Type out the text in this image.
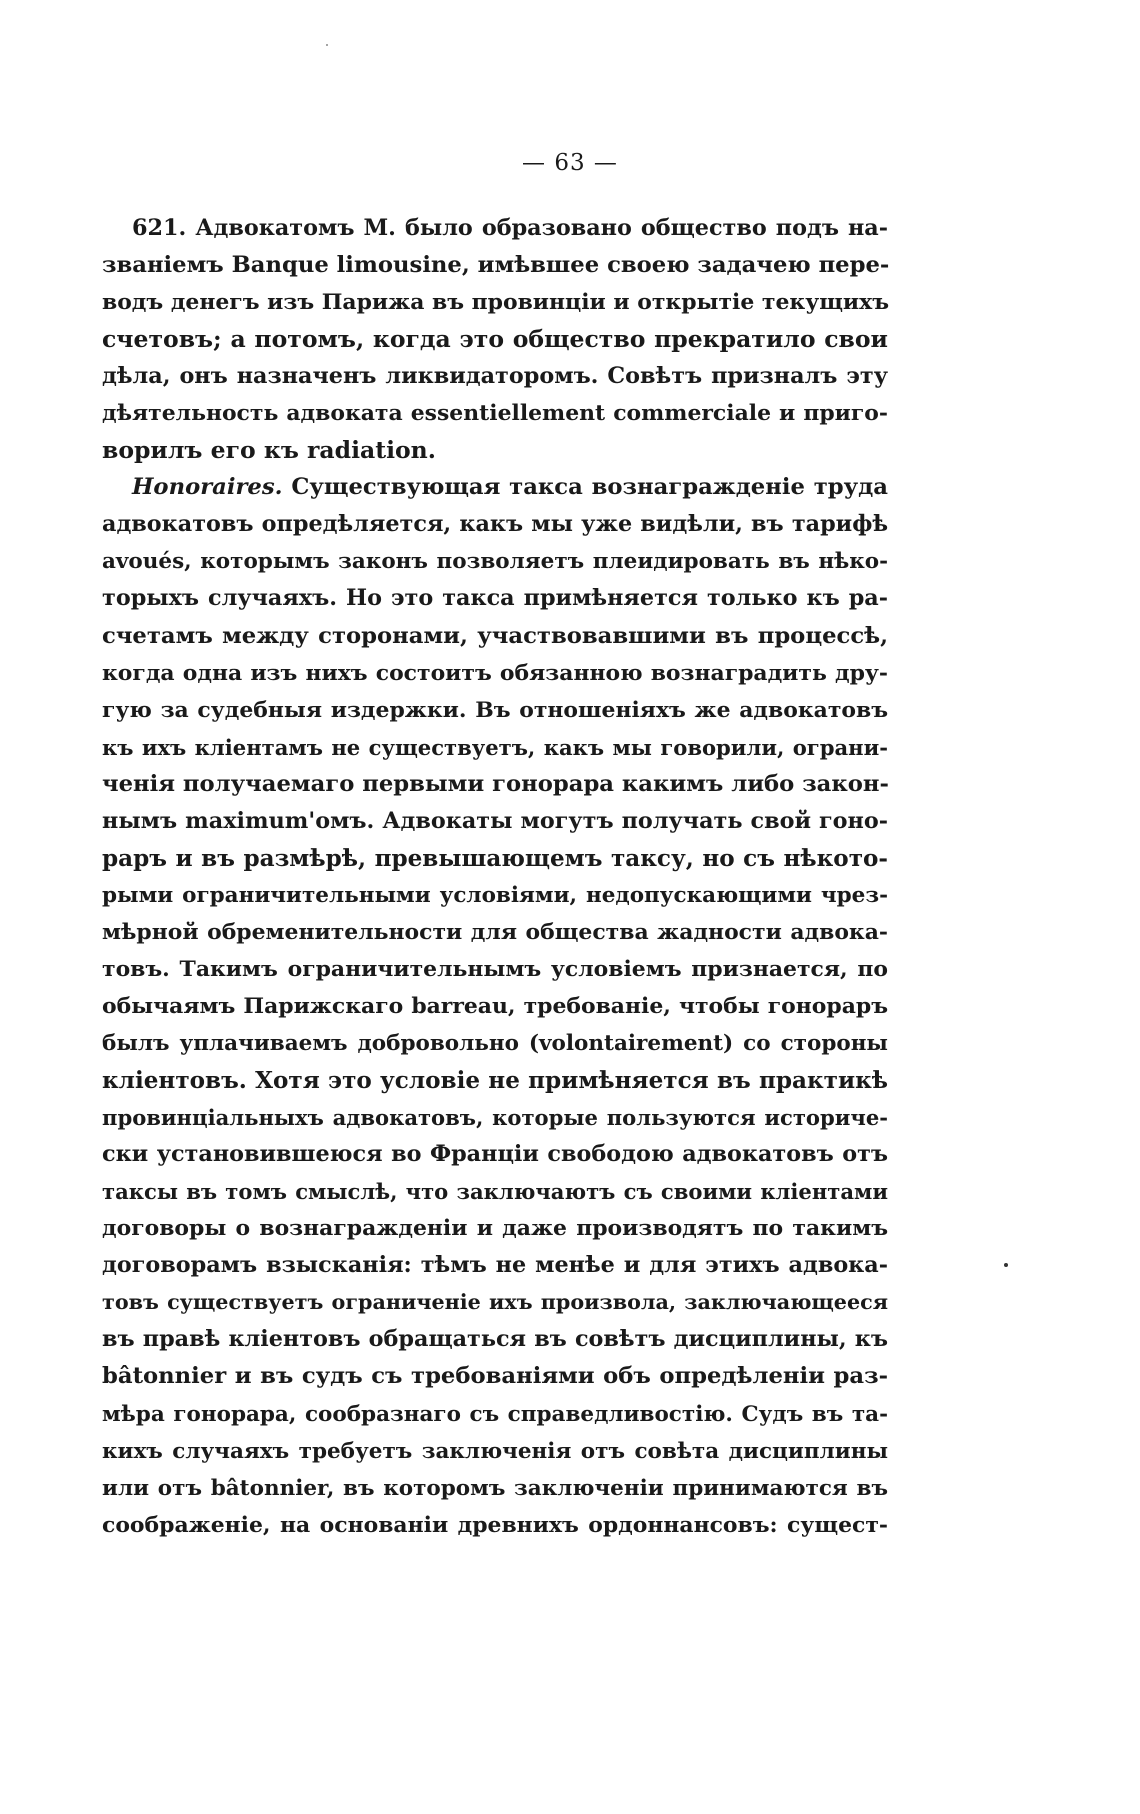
— 63 —
621. Адвокатомъ М. было образовано общество подъ на-
званіемъ Banque limousine, имѣвшее своею задачею пере-
водъ денегъ изъ Парижа въ провинціи и открытіе текущихъ
счетовъ; а потомъ, когда это общество прекратило свои
дѣла, онъ назначенъ ликвидаторомъ. Совѣтъ призналъ эту
дѣятельность адвоката essentiellement commerciale и приго-
ворилъ его къ radiation.
Honoraires. Существующая такса вознагражденіе труда
адвокатовъ опредѣляется, какъ мы уже видѣли, въ тарифѣ
avoués, которымъ законъ позволяетъ плеидировать въ нѣко-
торыхъ случаяхъ. Но это такса примѣняется только къ ра-
счетамъ между сторонами, участвовавшими въ процессѣ,
когда одна изъ нихъ состоитъ обязанною вознаградить дру-
гую за судебныя издержки. Въ отношеніяхъ же адвокатовъ
къ ихъ кліентамъ не существуетъ, какъ мы говорили, ограни-
ченія получаемаго первыми гонорара какимъ либо закон-
нымъ maximum'омъ. Адвокаты могутъ получать свой гоно-
раръ и въ размѣрѣ, превышающемъ таксу, но съ нѣкото-
рыми ограничительными условіями, недопускающими чрез-
мѣрной обременительности для общества жадности адвока-
товъ. Такимъ ограничительнымъ условіемъ признается, по
обычаямъ Парижскаго barreau, требованіе, чтобы гонораръ
былъ уплачиваемъ добровольно (volontairement) со стороны
кліентовъ. Хотя это условіе не примѣняется въ практикѣ
провинціальныхъ адвокатовъ, которые пользуются историче-
ски установившеюся во Франціи свободою адвокатовъ отъ
таксы въ томъ смыслѣ, что заключаютъ съ своими кліентами
договоры о вознагражденіи и даже производятъ по такимъ
договорамъ взысканія: тѣмъ не менѣе и для этихъ адвока-
товъ существуетъ ограниченіе ихъ произвола, заключающееся
въ правѣ кліентовъ обращаться въ совѣтъ дисциплины, къ
bâtonnier и въ судъ съ требованіями объ опредѣленіи раз-
мѣра гонорара, сообразнаго съ справедливостію. Судъ въ та-
кихъ случаяхъ требуетъ заключенія отъ совѣта дисциплины
или отъ bâtonnier, въ которомъ заключеніи принимаются въ
соображеніе, на основаніи древнихъ ордоннансовъ: сущест-
